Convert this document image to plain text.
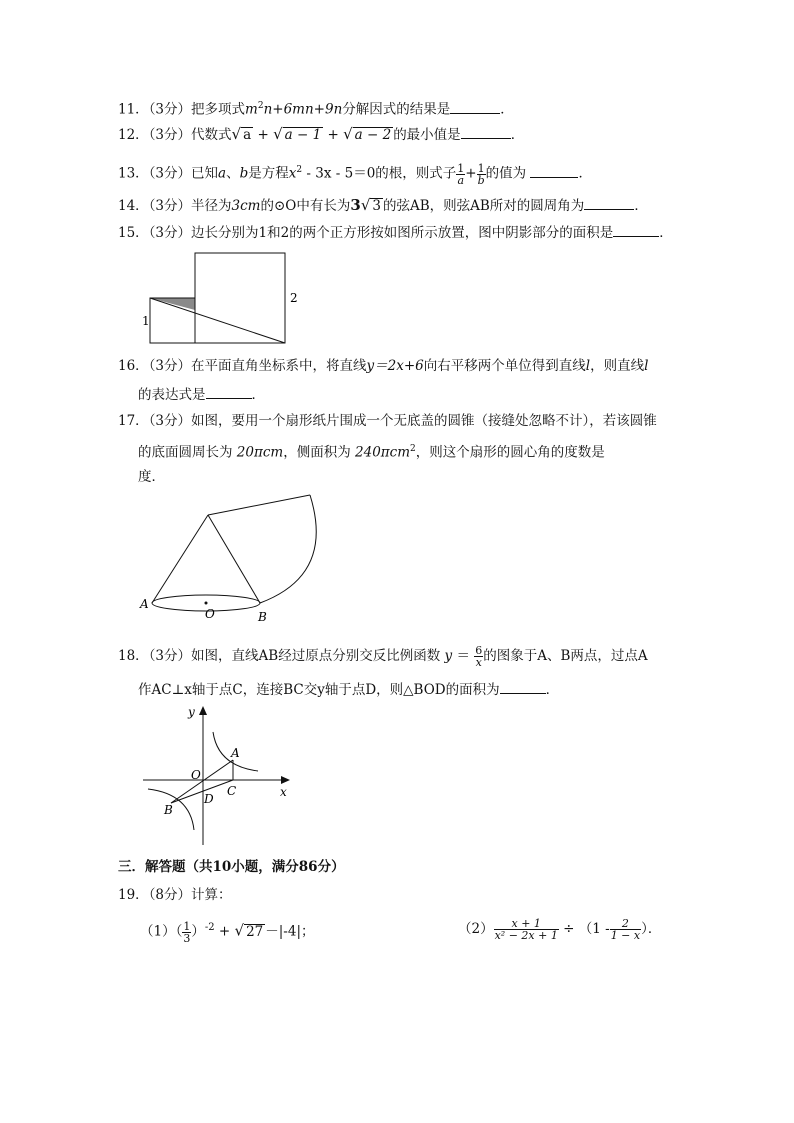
11．（3分）把多项式$m^2n+6mn+9n$分解因式的结果是	．
12．（3分）代数式√ a + √ a − 1 + √ a − 2 的最小值是	．
13．（3分）已知a、b是方程$x^2 - 3x - 5=0$的根，则式子 $\frac{1}{a} + \frac{1}{b}$ 的值为	．
14．（3分）半径为3cm的⊙O中有长为3√ 3 的弦AB，则弦AB所对的圆周角为	．
15．（3分）边长分别为1和2的两个正方形按如图所示放置，图中阴影部分的面积是	．
1
2
16．（3分）在平面直角坐标系中，将直线y＝2x+6向右平移两个单位得到直线l，则直线l
的表达式是	．
17．（3分）如图，要用一个扇形纸片围成一个无底盖的圆锥（接缝处忽略不计），若该圆锥
的底面圆周长为 20πcm，侧面积为 240πcm$^2$，则这个扇形的圆心角的度数是
度．
A
O	B
18．（3分）如图，直线AB经过原点分别交反比例函数 $y = \frac{6}{x}$ 的图象于A、B两点，过点A
作AC⊥x轴于点C，连接BC交y轴于点D，则△BOD的面积为	．
y
x
O
A
B
C
D
三．解答题（共10小题，满分86分）
19．（8分）计算：
$(1)( \frac{1}{3} )^{-2}$ + √ 27 －|-4|；	$(2) \frac{x + 1}{\text{x² − 2x + 1}} \div (1 - \frac{2}{1 - x}$ ）．
